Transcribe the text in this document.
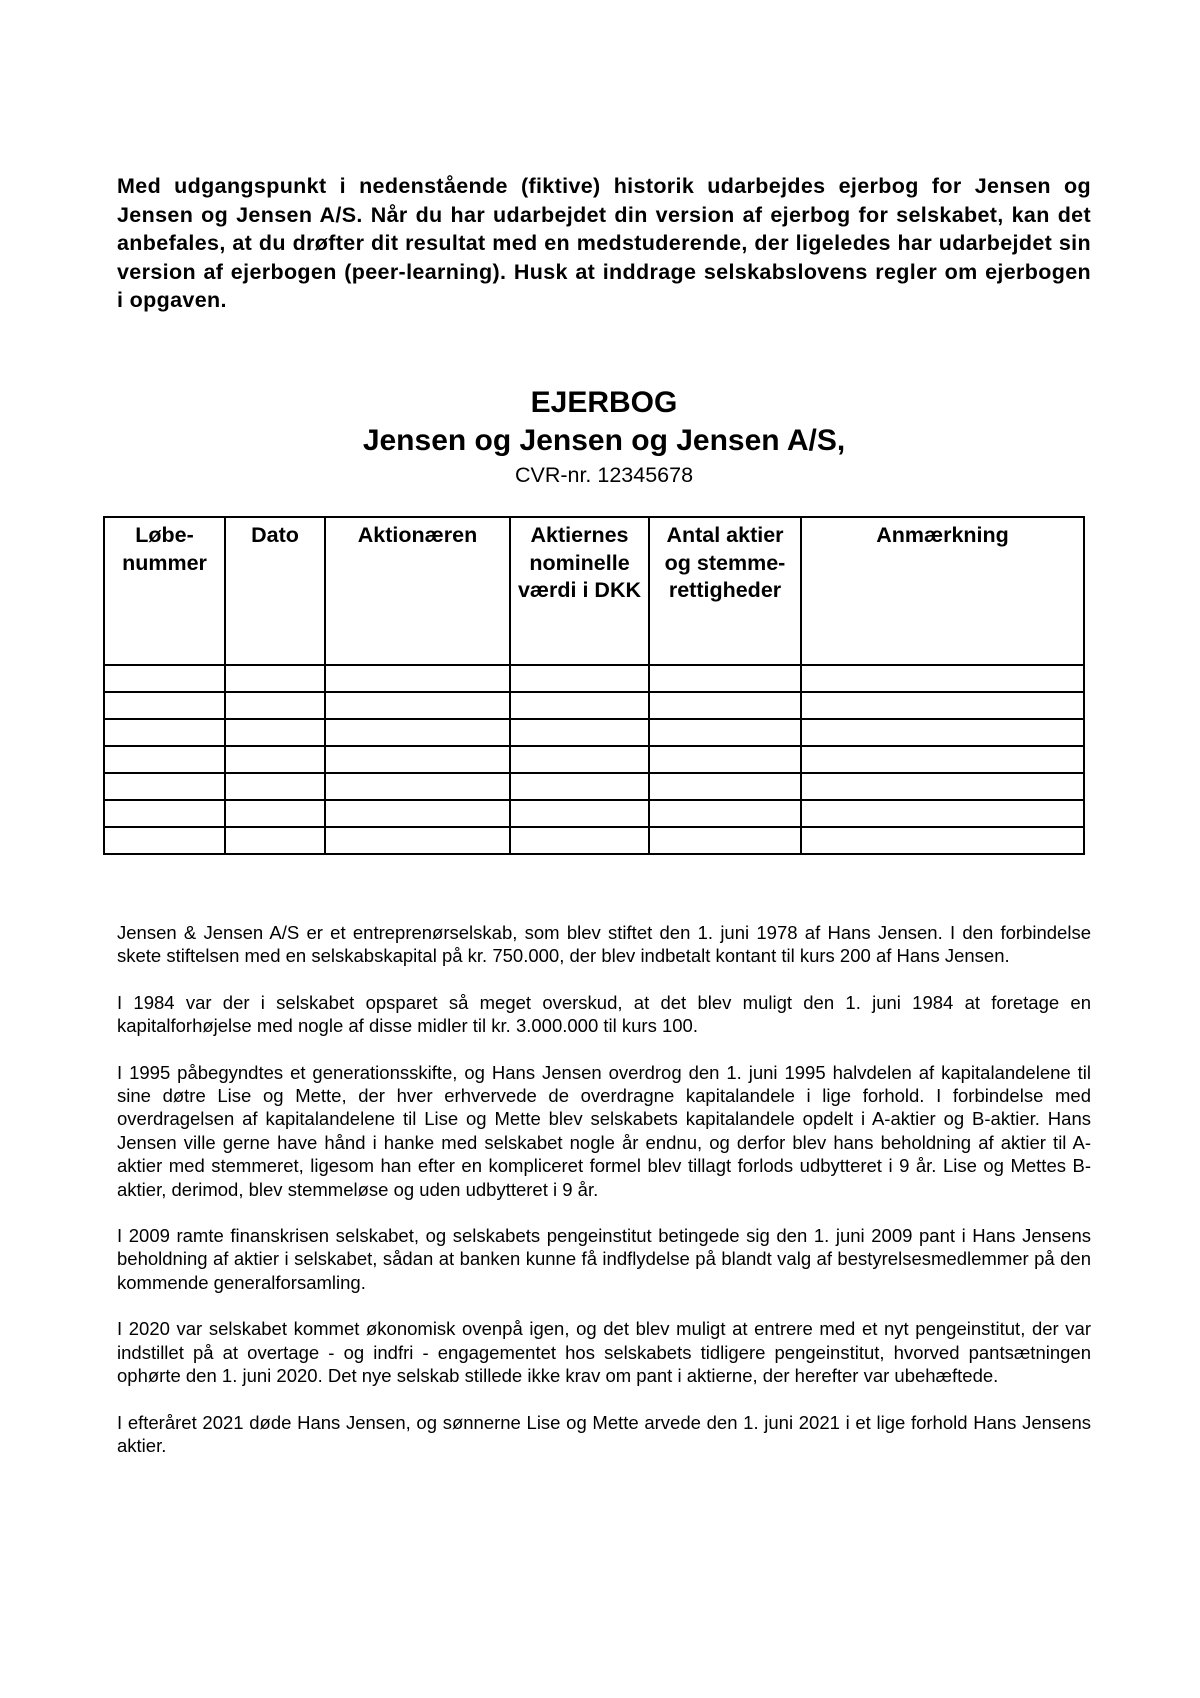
Med udgangspunkt i nedenstående (fiktive) historik udarbejdes ejerbog for Jensen og Jensen og Jensen A/S. Når du har udarbejdet din version af ejerbog for selskabet, kan det anbefales, at du drøfter dit resultat med en medstuderende, der ligeledes har udarbejdet sin version af ejerbogen (peer-learning). Husk at inddrage selskabslovens regler om ejerbogen i opgaven.

EJERBOG

Jensen og Jensen og Jensen A/S,

CVR-nr. 12345678

Løbe-nummer	Dato	Aktionæren	Aktiernes nominelle værdi i DKK	Antal aktier og stemme-rettigheder	Anmærkning

Jensen & Jensen A/S er et entreprenørselskab, som blev stiftet den 1. juni 1978 af Hans Jensen. I den forbindelse skete stiftelsen med en selskabskapital på kr. 750.000, der blev indbetalt kontant til kurs 200 af Hans Jensen.

I 1984 var der i selskabet opsparet så meget overskud, at det blev muligt den 1. juni 1984 at foretage en kapitalforhøjelse med nogle af disse midler til kr. 3.000.000 til kurs 100.

I 1995 påbegyndtes et generationsskifte, og Hans Jensen overdrog den 1. juni 1995 halvdelen af kapitalandelene til sine døtre Lise og Mette, der hver erhvervede de overdragne kapitalandele i lige forhold. I forbindelse med overdragelsen af kapitalandelene til Lise og Mette blev selskabets kapitalandele opdelt i A-aktier og B-aktier. Hans Jensen ville gerne have hånd i hanke med selskabet nogle år endnu, og derfor blev hans beholdning af aktier til A-aktier med stemmeret, ligesom han efter en kompliceret formel blev tillagt forlods udbytteret i 9 år. Lise og Mettes B-aktier, derimod, blev stemmeløse og uden udbytteret i 9 år.

I 2009 ramte finanskrisen selskabet, og selskabets pengeinstitut betingede sig den 1. juni 2009 pant i Hans Jensens beholdning af aktier i selskabet, sådan at banken kunne få indflydelse på blandt valg af bestyrelsesmedlemmer på den kommende generalforsamling.

I 2020 var selskabet kommet økonomisk ovenpå igen, og det blev muligt at entrere med et nyt pengeinstitut, der var indstillet på at overtage - og indfri - engagementet hos selskabets tidligere pengeinstitut, hvorved pantsætningen ophørte den 1. juni 2020. Det nye selskab stillede ikke krav om pant i aktierne, der herefter var ubehæftede.

I efteråret 2021 døde Hans Jensen, og sønnerne Lise og Mette arvede den 1. juni 2021 i et lige forhold Hans Jensens aktier.
